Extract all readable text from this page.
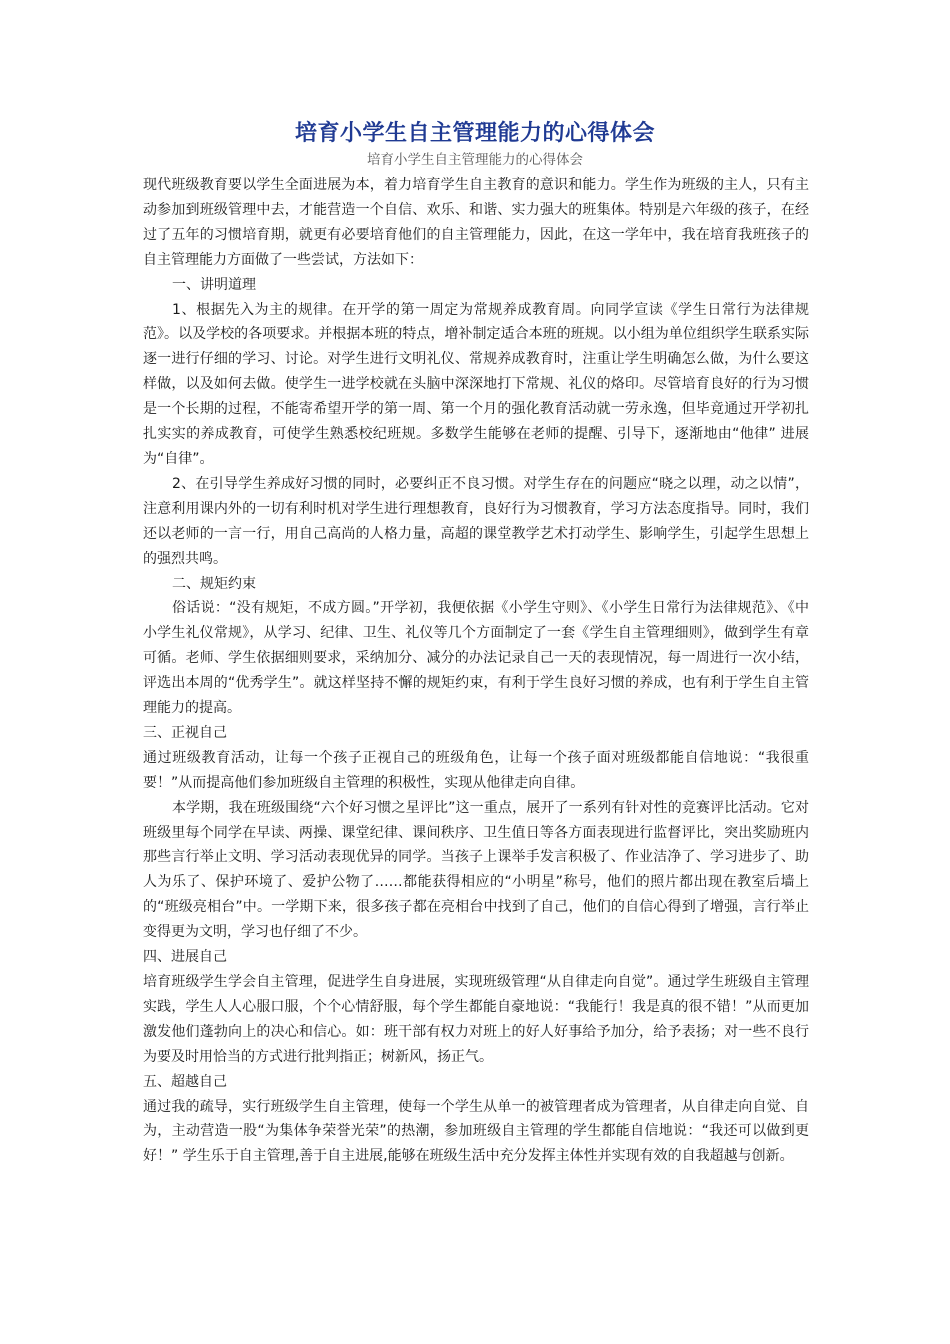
培育小学生自主管理能力的心得体会
培育小学生自主管理能力的心得体会

现代班级教育要以学生全面进展为本，着力培育学生自主教育的意识和能力。学生作为班级的主人，只有主动参加到班级管理中去，才能营造一个自信、欢乐、和谐、实力强大的班集体。特别是六年级的孩子，在经过了五年的习惯培育期，就更有必要培育他们的自主管理能力，因此，在这一学年中，我在培育我班孩子的自主管理能力方面做了一些尝试，方法如下：

一、讲明道理

1、根据先入为主的规律。在开学的第一周定为常规养成教育周。向同学宣读《学生日常行为法律规范》。以及学校的各项要求。并根据本班的特点，增补制定适合本班的班规。以小组为单位组织学生联系实际逐一进行仔细的学习、讨论。对学生进行文明礼仪、常规养成教育时，注重让学生明确怎么做，为什么要这样做，以及如何去做。使学生一进学校就在头脑中深深地打下常规、礼仪的烙印。尽管培育良好的行为习惯是一个长期的过程，不能寄希望开学的第一周、第一个月的强化教育活动就一劳永逸，但毕竟通过开学初扎扎实实的养成教育，可使学生熟悉校纪班规。多数学生能够在老师的提醒、引导下，逐渐地由“他律” 进展为“自律”。

2、在引导学生养成好习惯的同时，必要纠正不良习惯。对学生存在的问题应“晓之以理，动之以情”，注意利用课内外的一切有利时机对学生进行理想教育，良好行为习惯教育，学习方法态度指导。同时，我们还以老师的一言一行，用自己高尚的人格力量，高超的课堂教学艺术打动学生、影响学生，引起学生思想上的强烈共鸣。

二、规矩约束

俗话说：“没有规矩，不成方圆。”开学初，我便依据《小学生守则》、《小学生日常行为法律规范》、《中小学生礼仪常规》，从学习、纪律、卫生、礼仪等几个方面制定了一套《学生自主管理细则》，做到学生有章可循。老师、学生依据细则要求，采纳加分、减分的办法记录自己一天的表现情况，每一周进行一次小结，评选出本周的“优秀学生”。就这样坚持不懈的规矩约束，有利于学生良好习惯的养成，也有利于学生自主管理能力的提高。

三、正视自己

通过班级教育活动，让每一个孩子正视自己的班级角色，让每一个孩子面对班级都能自信地说：“我很重要！”从而提高他们参加班级自主管理的积极性，实现从他律走向自律。

本学期，我在班级围绕“六个好习惯之星评比”这一重点，展开了一系列有针对性的竞赛评比活动。它对班级里每个同学在早读、两操、课堂纪律、课间秩序、卫生值日等各方面表现进行监督评比，突出奖励班内那些言行举止文明、学习活动表现优异的同学。当孩子上课举手发言积极了、作业洁净了、学习进步了、助人为乐了、保护环境了、爱护公物了……都能获得相应的“小明星”称号，他们的照片都出现在教室后墙上的“班级亮相台”中。一学期下来，很多孩子都在亮相台中找到了自己，他们的自信心得到了增强，言行举止变得更为文明，学习也仔细了不少。

四、进展自己

培育班级学生学会自主管理，促进学生自身进展，实现班级管理“从自律走向自觉”。通过学生班级自主管理实践，学生人人心服口服，个个心情舒服，每个学生都能自豪地说：“我能行！我是真的很不错！”从而更加激发他们蓬勃向上的决心和信心。如：班干部有权力对班上的好人好事给予加分，给予表扬；对一些不良行为要及时用恰当的方式进行批判指正；树新风，扬正气。

五、超越自己

通过我的疏导，实行班级学生自主管理，使每一个学生从单一的被管理者成为管理者，从自律走向自觉、自为，主动营造一股“为集体争荣誉光荣”的热潮，参加班级自主管理的学生都能自信地说：“我还可以做到更好！” 学生乐于自主管理,善于自主进展,能够在班级生活中充分发挥主体性并实现有效的自我超越与创新。
